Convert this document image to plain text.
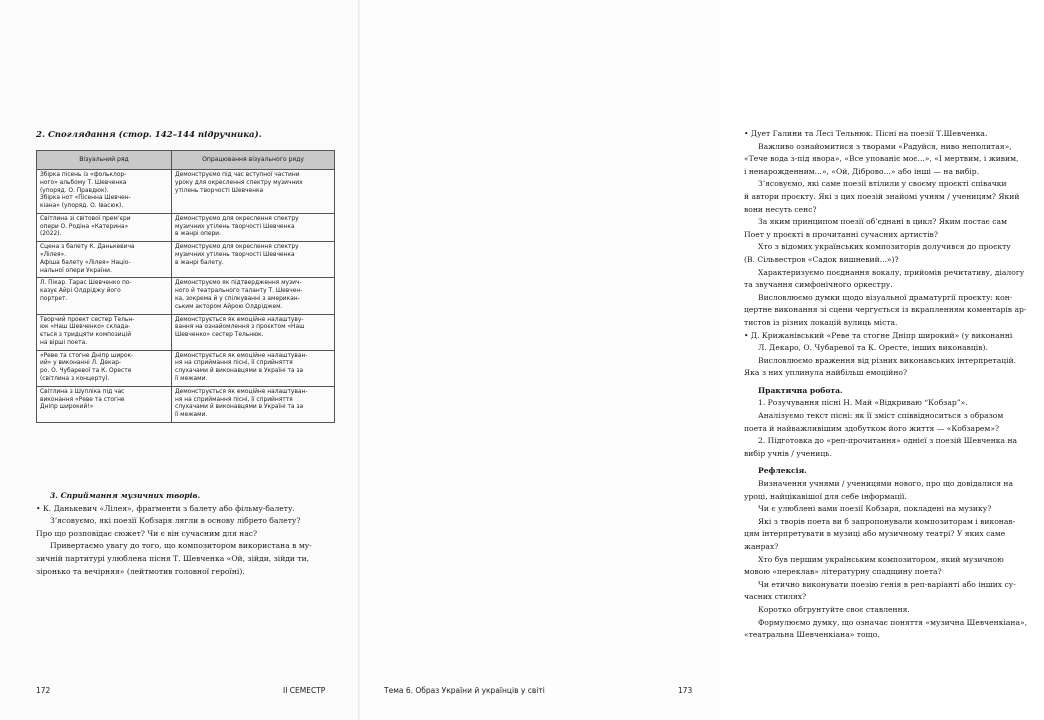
2. Споглядання (стор. 142–144 підручника).
Візуальний ряд	Опрацювання візуального ряду

Збірка пісень із «фольклор-
ного» альбому Т. Шевченка
(упоряд. О. Правдюк).
Збірка нот «Пісенна Шевчен-
кіана» (упоряд. О. Івасюк).	Демонструємо під час вступної частини
уроку для окреслення спектру музичних
утілень творчості Шевченка

Світлина зі світової прем’єри
опери О. Родіна «Катерина»
(2022).	Демонструємо для окреслення спектру
музичних утілень творчості Шевченка
в жанрі опери.

Сцена з балету К. Данькевича
«Лілея».
Афіша балету «Лілея» Націо-
нальної опери України.	Демонструємо для окреслення спектру
музичних утілень творчості Шевченка
в жанрі балету.

Л. Пікар. Тарас Шевченко по-
казує Айрі Олдріджу його
портрет.	Демонструємо як підтвердження музич-
ного й театрального таланту Т. Шевчен-
ка, зокрема й у спілкуванні з американ-
ським актором Айрою Олдріджем.

Творчий проект сестер Тельн-
юк «Наш Шевченко» склада-
ється з тридцяти композицій
на вірші поета.	Демонструється як емоційне налаштуву-
вання на ознайомлення з проєктом «Наш
Шевченко» сестер Тельнюк.

«Реве та стогне Дніпр широк-
ий» у виконанні Л. Декар-
ро, О. Чубаревої та К. Оресте
(світлина з концерту).	Демонструється як емоційне налаштуван-
ня на сприймання пісні, її сприйняття
слухачами й виконавцями в Україні та за
її межами.

Світлина з Шупліка під час
виконання «Реве та стогне
Дніпр широкий!»	Демонструється як емоційне налаштуван-
ня на сприймання пісні, її сприйняття
слухачами й виконавцями в Україні та за
її межами.

3. Сприймання музичних творів.

• К. Данькевич «Лілея», фрагменти з балету або фільму-балету.

З’ясовуємо, які поезії Кобзаря лягли в основу лібрето балету?

Про що розповідає сюжет? Чи є він сучасним для нас?

Привертаємо увагу до того, що композитором використана в му-

зичній партитурі улюблена пісня Т. Шевченка «Ой, зійди, зійди ти,

зіронько та вечірняя» (лейтмотив головної героїні).

172	II СЕМЕСТР

• Дует Галини та Лесі Тельнюк. Пісні на поезії Т.Шевченка.

Важливо ознайомитися з творами «Радуйся, ниво неполитая»,

«Тече вода з-під явора», «Все упованіє моє...», «І мертвим, і живим,

і ненарожденним...», «Ой, Діброво...» або інші — на вибір.

З’ясовуємо, які саме поезії втілили у своєму проєкті співачки

й автори проєкту. Які з цих поезій знайомі учням / ученицям? Який

вони несуть сенс?

За яким принципом поезії об’єднані в цикл? Яким постає сам

Поет у проєкті в прочитанні сучасних артистів?

Хто з відомих українських композиторів долучився до проєкту

(В. Сільвестров «Садок вишневий...»)?

Характеризуємо поєднання вокалу, прийомів речитативу, діалогу

та звучання симфонічного оркестру.

Висловлюємо думки щодо візуальної драматургії проєкту: кон-

цертне виконання зі сцени чергується із вкрапленням коментарів ар-

тистов із різних локацій вулиць міста.

• Д. Крижанівський «Реве та стогне Дніпр широкий» (у виконанні

Л. Декаро, О. Чубаревої та К. Оресте, інших виконавців).

Висловлюємо враження від різних виконавських інтерпретацій.

Яка з них уплинула найбільш емоційно?

Практична робота.

1. Розучування пісні Н. Май «Відкриваю “Кобзар”».

Аналізуємо текст пісні: як її зміст співвідноситься з образом

поета й найважливішим здобутком його життя — «Кобзарем»?

2. Підготовка до «реп-прочитання» однієї з поезій Шевченка на

вибір учнів / учениць.

Рефлексія.

Визначення учнями / ученицями нового, про що довідалися на

уроці, найцікавішої для себе інформації.

Чи є улюблені вами поезії Кобзаря, покладені на музику?

Які з творів поета ви б запропонували композиторам і виконав-

цям інтерпретувати в музиці або музичному театрі? У яких саме

жанрах?

Хто був першим українським композитором, який музичною

мовою «переклав» літературну спадщину поета?

Чи етично виконувати поезію генія в реп-варіанті або інших су-

часних стилях?

Коротко обгрунтуйте своє ставлення.

Формулюємо думку, що означає поняття «музична Шевченкіана»,

«театральна Шевченкіана» тощо.

Тема 6. Образ України й українців у світі	173
